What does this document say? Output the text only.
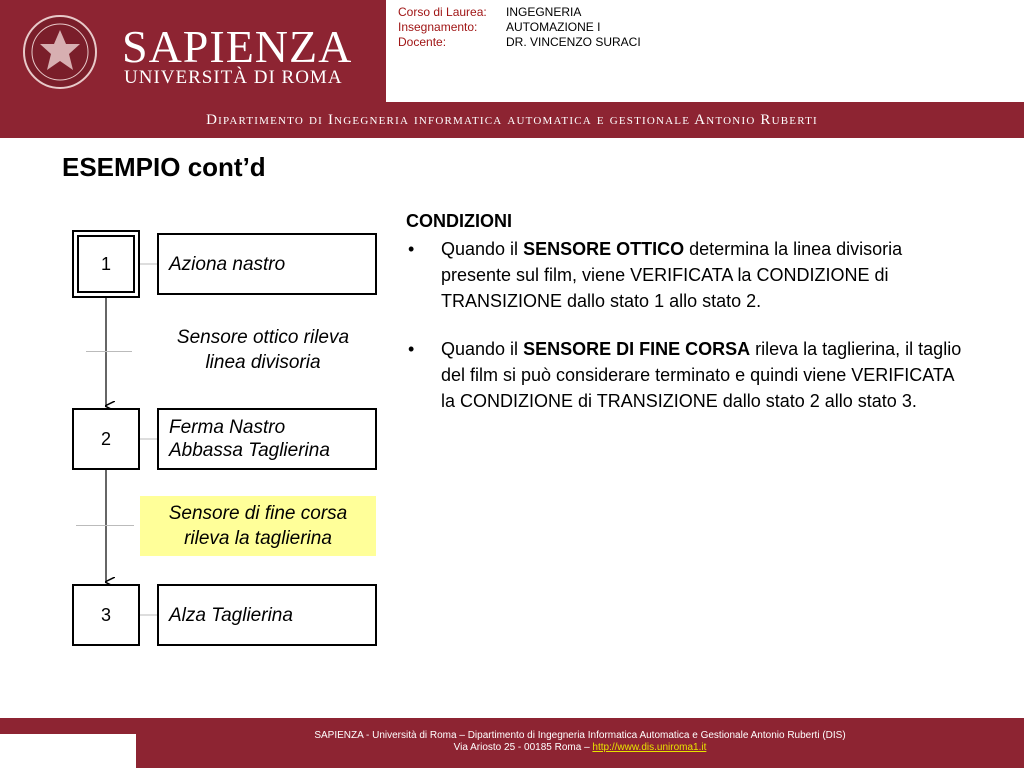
SAPIENZA
UNIVERSITÀ DI ROMA
Corso di Laurea:	INGEGNERIA
Insegnamento:	AUTOMAZIONE I
Docente:	DR. VINCENZO SURACI
Dipartimento di Ingegneria informatica automatica e gestionale Antonio Ruberti
ESEMPIO cont’d
1	Aziona nastro
Sensore ottico rileva
linea divisoria
2
Ferma Nastro
Abbassa Taglierina
Sensore di fine corsa
rileva la taglierina
3	Alza Taglierina
CONDIZIONI
•	Quando il SENSORE OTTICO determina la linea divisoria presente sul film, viene VERIFICATA la CONDIZIONE di TRANSIZIONE dallo stato 1 allo stato 2.
•	Quando il SENSORE DI FINE CORSA rileva la taglierina, il taglio del film si può considerare terminato e quindi viene VERIFICATA la CONDIZIONE di TRANSIZIONE dallo stato 2 allo stato 3.
SAPIENZA - Università di Roma – Dipartimento di Ingegneria Informatica Automatica e Gestionale Antonio Ruberti (DIS)
Via Ariosto 25 - 00185 Roma – http://www.dis.uniroma1.it
